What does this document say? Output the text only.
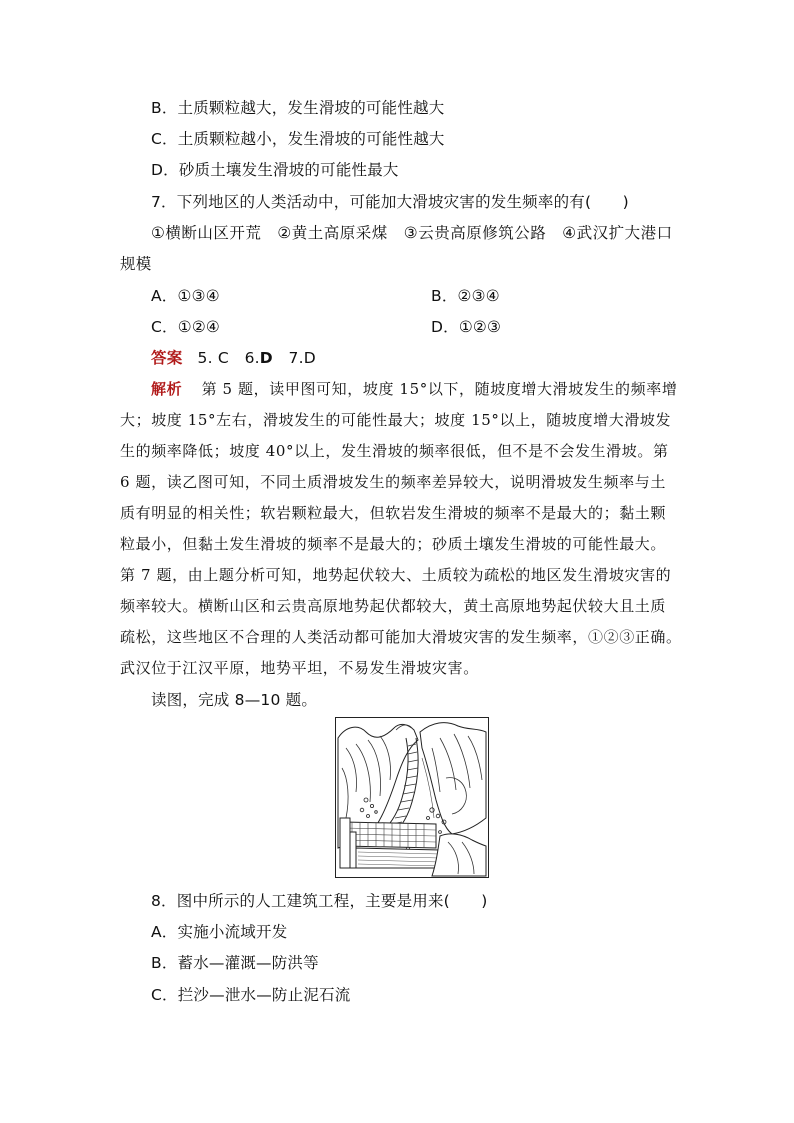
B．土质颗粒越大，发生滑坡的可能性越大
C．土质颗粒越小，发生滑坡的可能性越大
D．砂质土壤发生滑坡的可能性最大
7．下列地区的人类活动中，可能加大滑坡灾害的发生频率的有(　　)
①横断山区开荒　②黄土高原采煤　③云贵高原修筑公路　④武汉扩大港口
规模
A．①③④	B．②③④
C．①②④	D．①②③
答案 5. C　6.D　7.D
解析 第 5 题，读甲图可知，坡度 15°以下，随坡度增大滑坡发生的频率增
大；坡度 15°左右，滑坡发生的可能性最大；坡度 15°以上，随坡度增大滑坡发
生的频率降低；坡度 40°以上，发生滑坡的频率很低，但不是不会发生滑坡。第
6 题，读乙图可知，不同土质滑坡发生的频率差异较大，说明滑坡发生频率与土
质有明显的相关性；软岩颗粒最大，但软岩发生滑坡的频率不是最大的；黏土颗
粒最小，但黏土发生滑坡的频率不是最大的；砂质土壤发生滑坡的可能性最大。
第 7 题，由上题分析可知，地势起伏较大、土质较为疏松的地区发生滑坡灾害的
频率较大。横断山区和云贵高原地势起伏都较大，黄土高原地势起伏较大且土质
疏松，这些地区不合理的人类活动都可能加大滑坡灾害的发生频率，①②③正确。
武汉位于江汉平原，地势平坦，不易发生滑坡灾害。
读图，完成 8—10 题。
8．图中所示的人工建筑工程，主要是用来(　　)
A．实施小流域开发
B．蓄水—灌溉—防洪等
C．拦沙—泄水—防止泥石流
